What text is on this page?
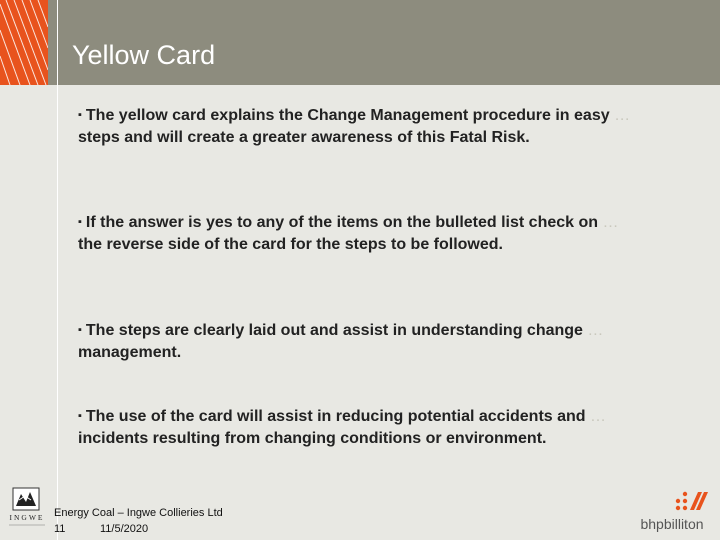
Yellow Card
▪ The yellow card explains the Change Management procedure in easy … steps and will create a greater awareness of this Fatal Risk.
▪ If the answer is yes to any of the items on the bulleted list check on …the reverse side of the card for the steps to be followed.
▪ The steps are clearly laid out and assist in understanding change …management.
▪ The use of the card will assist in reducing potential accidents and …incidents resulting from changing conditions or environment.
INGWE Energy Coal – Ingwe Collieries Ltd
11	11/5/2020	bhpbilliton
